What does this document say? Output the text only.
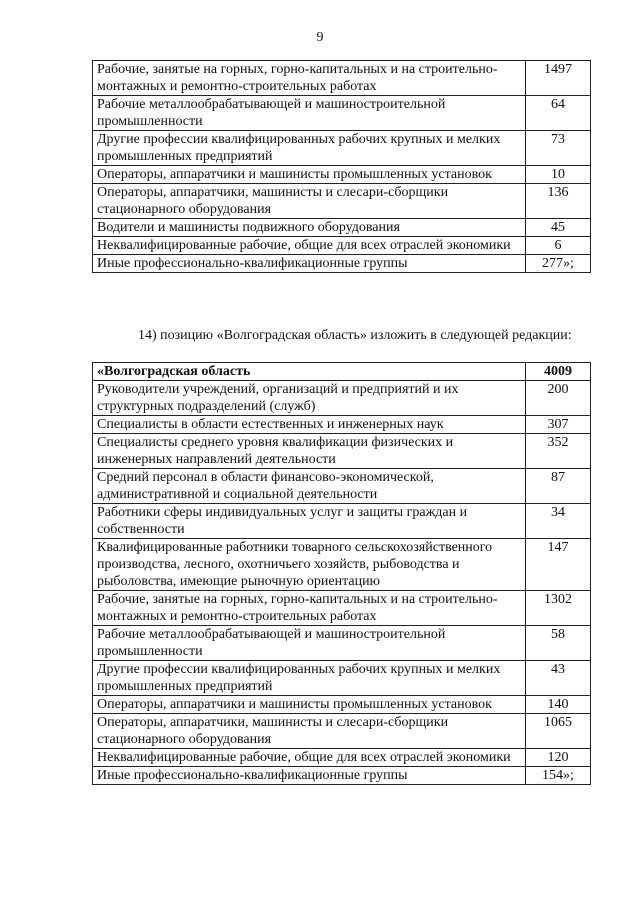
9
Рабочие, занятые на горных, горно-капитальных и на строительно-монтажных и ремонтно-строительных работах	1497
Рабочие металлообрабатывающей и машиностроительной промышленности	64
Другие профессии квалифицированных рабочих крупных и мелких промышленных предприятий	73
Операторы, аппаратчики и машинисты промышленных установок	10
Операторы, аппаратчики, машинисты и слесари-сборщики стационарного оборудования	136
Водители и машинисты подвижного оборудования	45
Неквалифицированные рабочие, общие для всех отраслей экономики	6
Иные профессионально-квалификационные группы	277»;
14) позицию «Волгоградская область» изложить в следующей редакции:
«Волгоградская область	4009
Руководители учреждений, организаций и предприятий и их структурных подразделений (служб)	200
Специалисты в области естественных и инженерных наук	307
Специалисты среднего уровня квалификации физических и инженерных направлений деятельности	352
Средний персонал в области финансово-экономической, административной и социальной деятельности	87
Работники сферы индивидуальных услуг и защиты граждан и собственности	34
Квалифицированные работники товарного сельскохозяйственного производства, лесного, охотничьего хозяйств, рыбоводства и рыболовства, имеющие рыночную ориентацию	147
Рабочие, занятые на горных, горно-капитальных и на строительно-монтажных и ремонтно-строительных работах	1302
Рабочие металлообрабатывающей и машиностроительной промышленности	58
Другие профессии квалифицированных рабочих крупных и мелких промышленных предприятий	43
Операторы, аппаратчики и машинисты промышленных установок	140
Операторы, аппаратчики, машинисты и слесари-сборщики стационарного оборудования	1065
Неквалифицированные рабочие, общие для всех отраслей экономики	120
Иные профессионально-квалификационные группы	154»;
